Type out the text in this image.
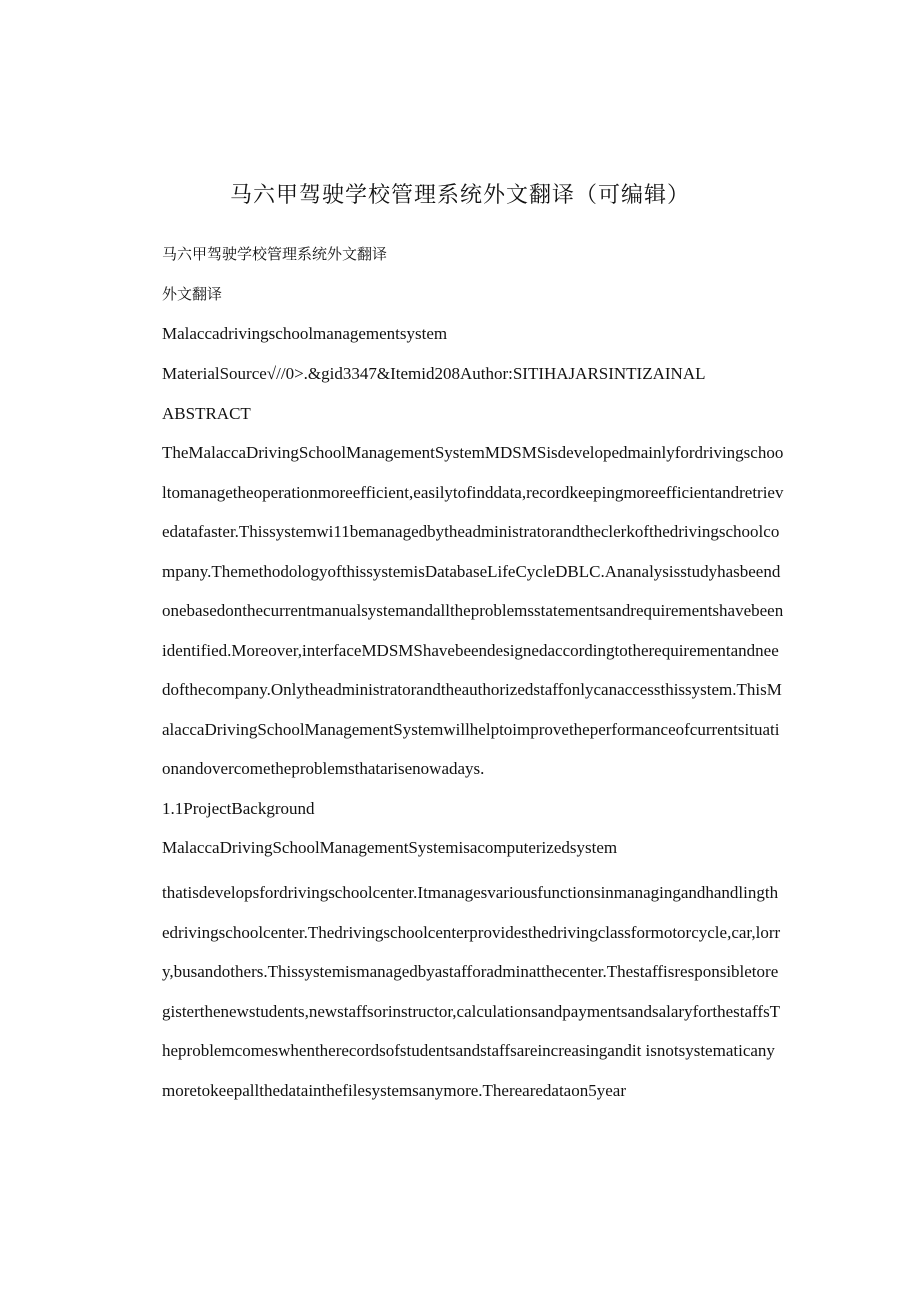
马六甲驾驶学校管理系统外文翻译（可编辑）
马六甲驾驶学校管理系统外文翻译
外文翻译
Malaccadrivingschoolmanagementsystem
MaterialSource√//0>.&gid3347&Itemid208Author:SITIHAJARSINTIZAINAL
ABSTRACT
TheMalaccaDrivingSchoolManagementSystemMDSMSisdevelopedmainlyfordrivingschooltomanagetheoperationmoreefficient,easilytofinddata,recordkeepingmoreefficientandretrievedatafaster.Thissystemwi11bemanagedbytheadministratorandtheclerkofthedrivingschoolcompany.ThemethodologyofthissystemisDatabaseLifeCycleDBLC.Ananalysisstudyhasbeendonebasedonthecurrentmanualsystemandalltheproblemsstatementsandrequirementshavebeenidentified.Moreover,interfaceMDSMShavebeendesignedaccordingtotherequirementandneedofthecompany.Onlytheadministratorandtheauthorizedstaffonlycanaccessthissystem.ThisMalaccaDrivingSchoolManagementSystemwillhelptoimprovetheperformanceofcurrentsituationandovercometheproblemsthatarisenowadays.
1.1ProjectBackground
MalaccaDrivingSchoolManagementSystemisacomputerizedsystem
thatisdevelopsfordrivingschoolcenter.Itmanagesvariousfunctionsinmanagingandhandlingthedrivingschoolcenter.Thedrivingschoolcenterprovidesthedrivingclassformotorcycle,car,lorry,busandothers.Thissystemismanagedbyastafforadminatthecenter.Thestaffisresponsibletoregisterthenewstudents,newstaffsorinstructor,calculationsandpaymentsandsalaryforthestaffsTheproblemcomeswhentherecordsofstudentsandstaffsareincreasingandit isnotsystematicanymoretokeepallthedatainthefilesystemsanymore.Therearedataon5year
